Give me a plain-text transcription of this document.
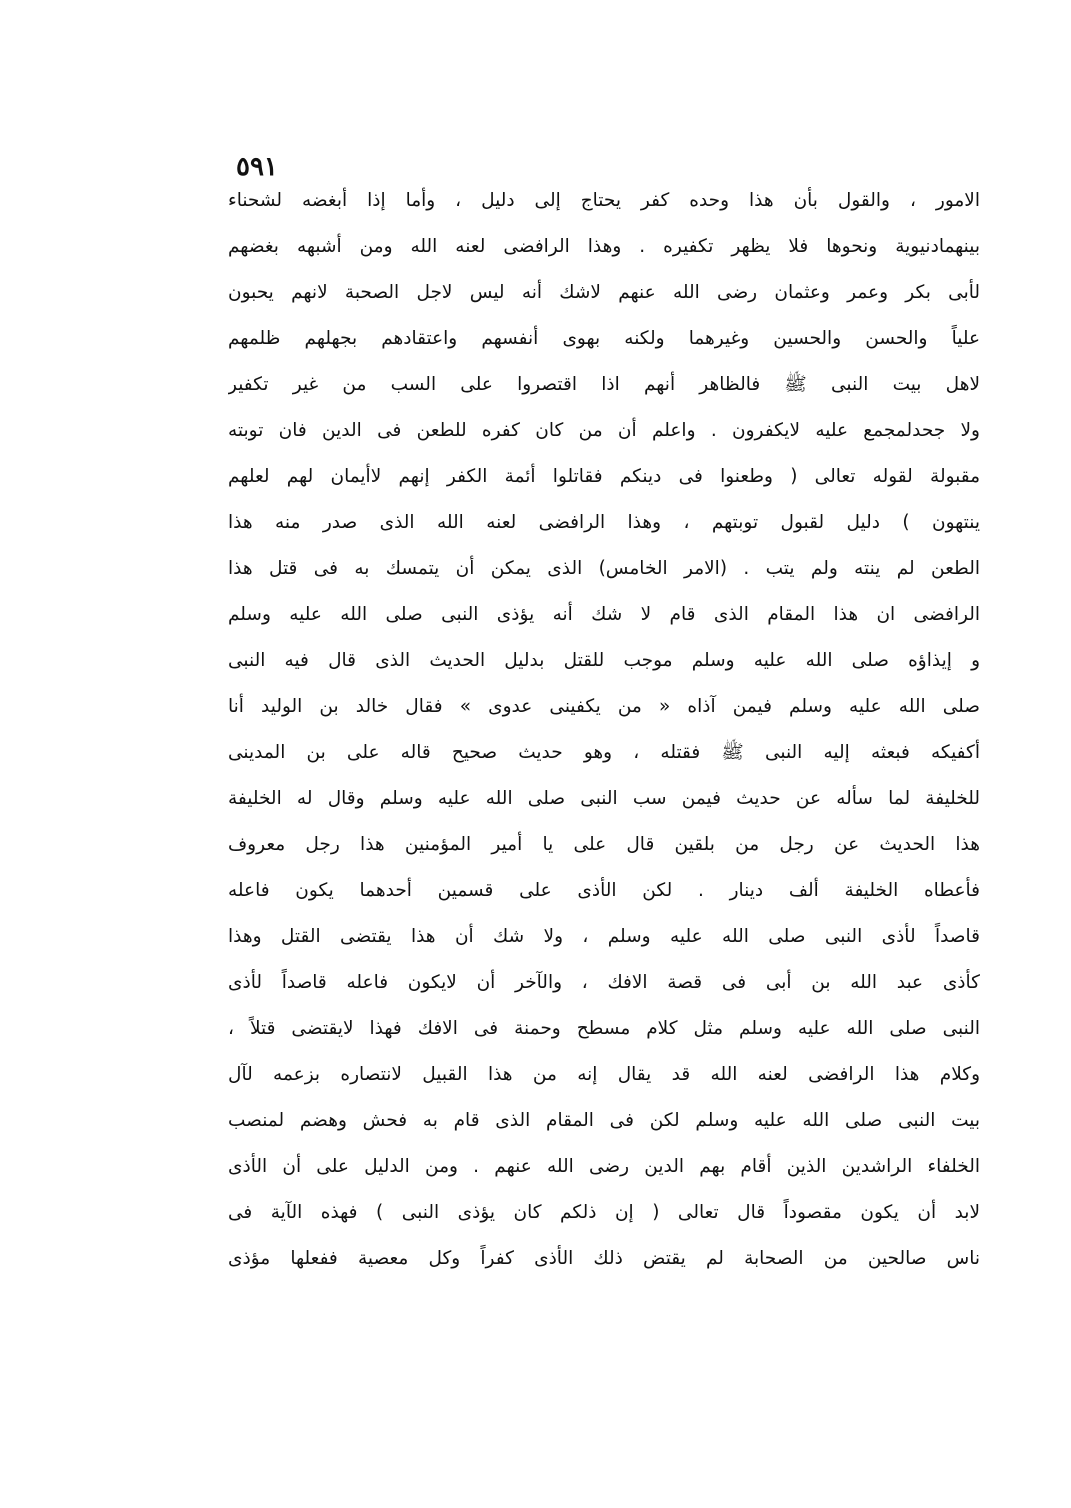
٥٩١
الامور ، والقول بأن هذا وحده كفر يحتاج إلى دليل ، وأما إذا أبغضه لشحناء
بينهمادنيوية ونحوها فلا يظهر تكفيره . وهذا الرافضى لعنه الله ومن أشبهه بغضهم
لأبى بكر وعمر وعثمان رضى الله عنهم لاشك أنه ليس لاجل الصحبة لانهم يحبون
علياً والحسن والحسين وغيرهما ولكنه بهوى أنفسهم واعتقادهم بجهلهم ظلمهم
لاهل بيت النبى ﷺ فالظاهر أنهم اذا اقتصروا على السب من غير تكفير
ولا جحدلمجمع عليه لايكفرون . واعلم أن من كان كفره للطعن فى الدين فان توبته
مقبولة لقوله تعالى ( وطعنوا فى دينكم فقاتلوا أئمة الكفر إنهم لاأيمان لهم لعلهم
ينتهون ) دليل لقبول توبتهم ، وهذا الرافضى لعنه الله الذى صدر منه هذا
الطعن لم ينته ولم يتب . (الامر الخامس) الذى يمكن أن يتمسك به فى قتل هذا
الرافضى ان هذا المقام الذى قام لا شك أنه يؤذى النبى صلى الله عليه وسلم
و إيذاؤه صلى الله عليه وسلم موجب للقتل بدليل الحديث الذى قال فيه النبى
صلى الله عليه وسلم فيمن آذاه « من يكفينى عدوى » فقال خالد بن الوليد أنا
أكفيكه فبعثه إليه النبى ﷺ فقتله ، وهو حديث صحيح قاله على بن المدينى
للخليفة لما سأله عن حديث فيمن سب النبى صلى الله عليه وسلم وقال له الخليفة
هذا الحديث عن رجل من بلقين قال على يا أمير المؤمنين هذا رجل معروف
فأعطاه الخليفة ألف دينار . لكن الأذى على قسمين أحدهما يكون فاعله
قاصداً لأذى النبى صلى الله عليه وسلم ، ولا شك أن هذا يقتضى القتل وهذا
كأذى عبد الله بن أبى فى قصة الافك ، والآخر أن لايكون فاعله قاصداً لأذى
النبى صلى الله عليه وسلم مثل كلام مسطح وحمنة فى الافك فهذا لايقتضى قتلاً ،
وكلام هذا الرافضى لعنه الله قد يقال إنه من هذا القبيل لانتصاره بزعمه لآل
بيت النبى صلى الله عليه وسلم لكن فى المقام الذى قام به فحش وهضم لمنصب
الخلفاء الراشدين الذين أقام بهم الدين رضى الله عنهم . ومن الدليل على أن الأذى
لابد أن يكون مقصوداً قال تعالى ( إن ذلكم كان يؤذى النبى ) فهذه الآية فى
ناس صالحين من الصحابة لم يقتض ذلك الأذى كفراً وكل معصية ففعلها مؤذى
